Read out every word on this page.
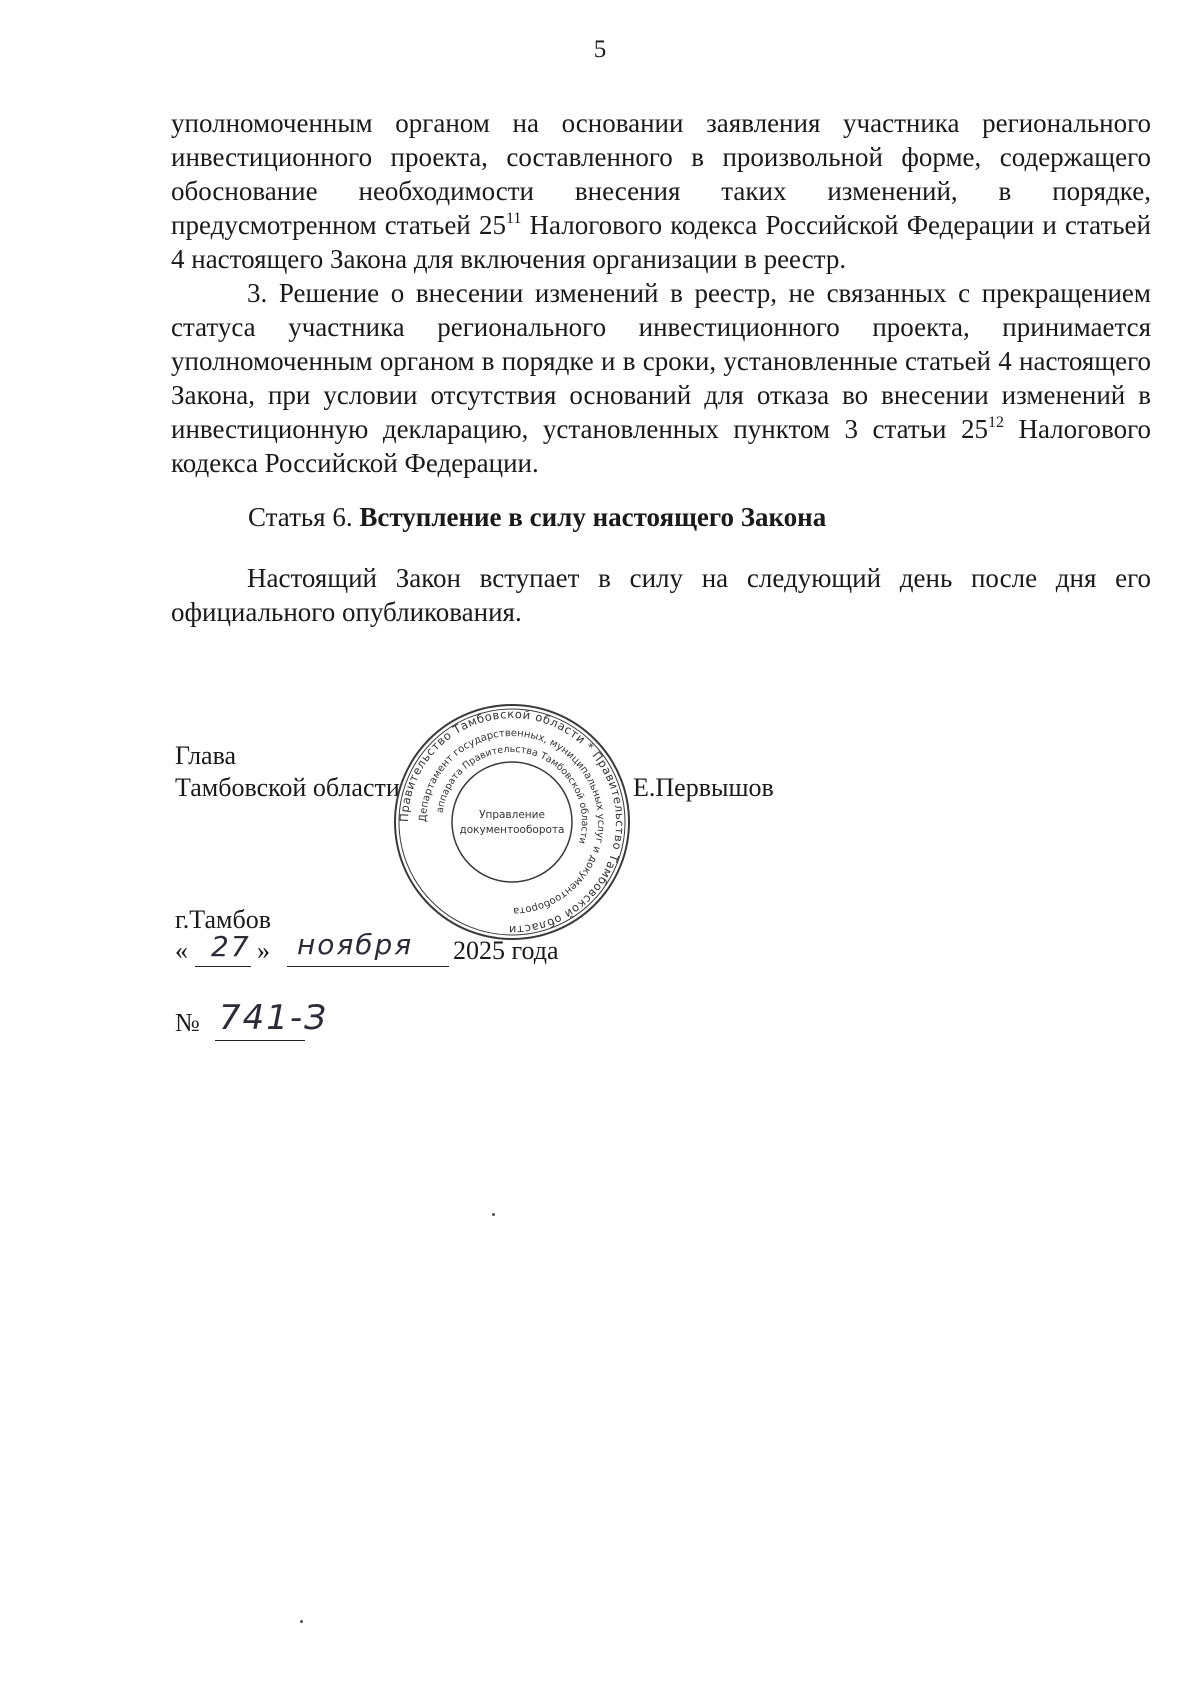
5
уполномоченным органом на основании заявления участника регионального инвестиционного проекта, составленного в произвольной форме, содержащего обоснование необходимости внесения таких изменений, в порядке, предусмотренном статьей $25^{11}$ Налогового кодекса Российской Федерации и статьей 4 настоящего Закона для включения организации в реестр.
3. Решение о внесении изменений в реестр, не связанных с прекращением статуса участника регионального инвестиционного проекта, принимается уполномоченным органом в порядке и в сроки, установленные статьей 4 настоящего Закона, при условии отсутствия оснований для отказа во внесении изменений в инвестиционную декларацию, установленных пунктом 3 статьи $25^{12}$ Налогового кодекса Российской Федерации.
Статья 6. Вступление в силу настоящего Закона
Настоящий Закон вступает в силу на следующий день после дня его официального опубликования.
Глава
Тамбовской области	Е.Первышов
Правительство Тамбовской области * Правительство Тамбовской области
Департамент государственных, муниципальных услуг и документооборота
аппарата Правительства Тамбовской области
Управление
документооборота
г.Тамбов
« 27 » ноября 2025 года
№ 741-З
